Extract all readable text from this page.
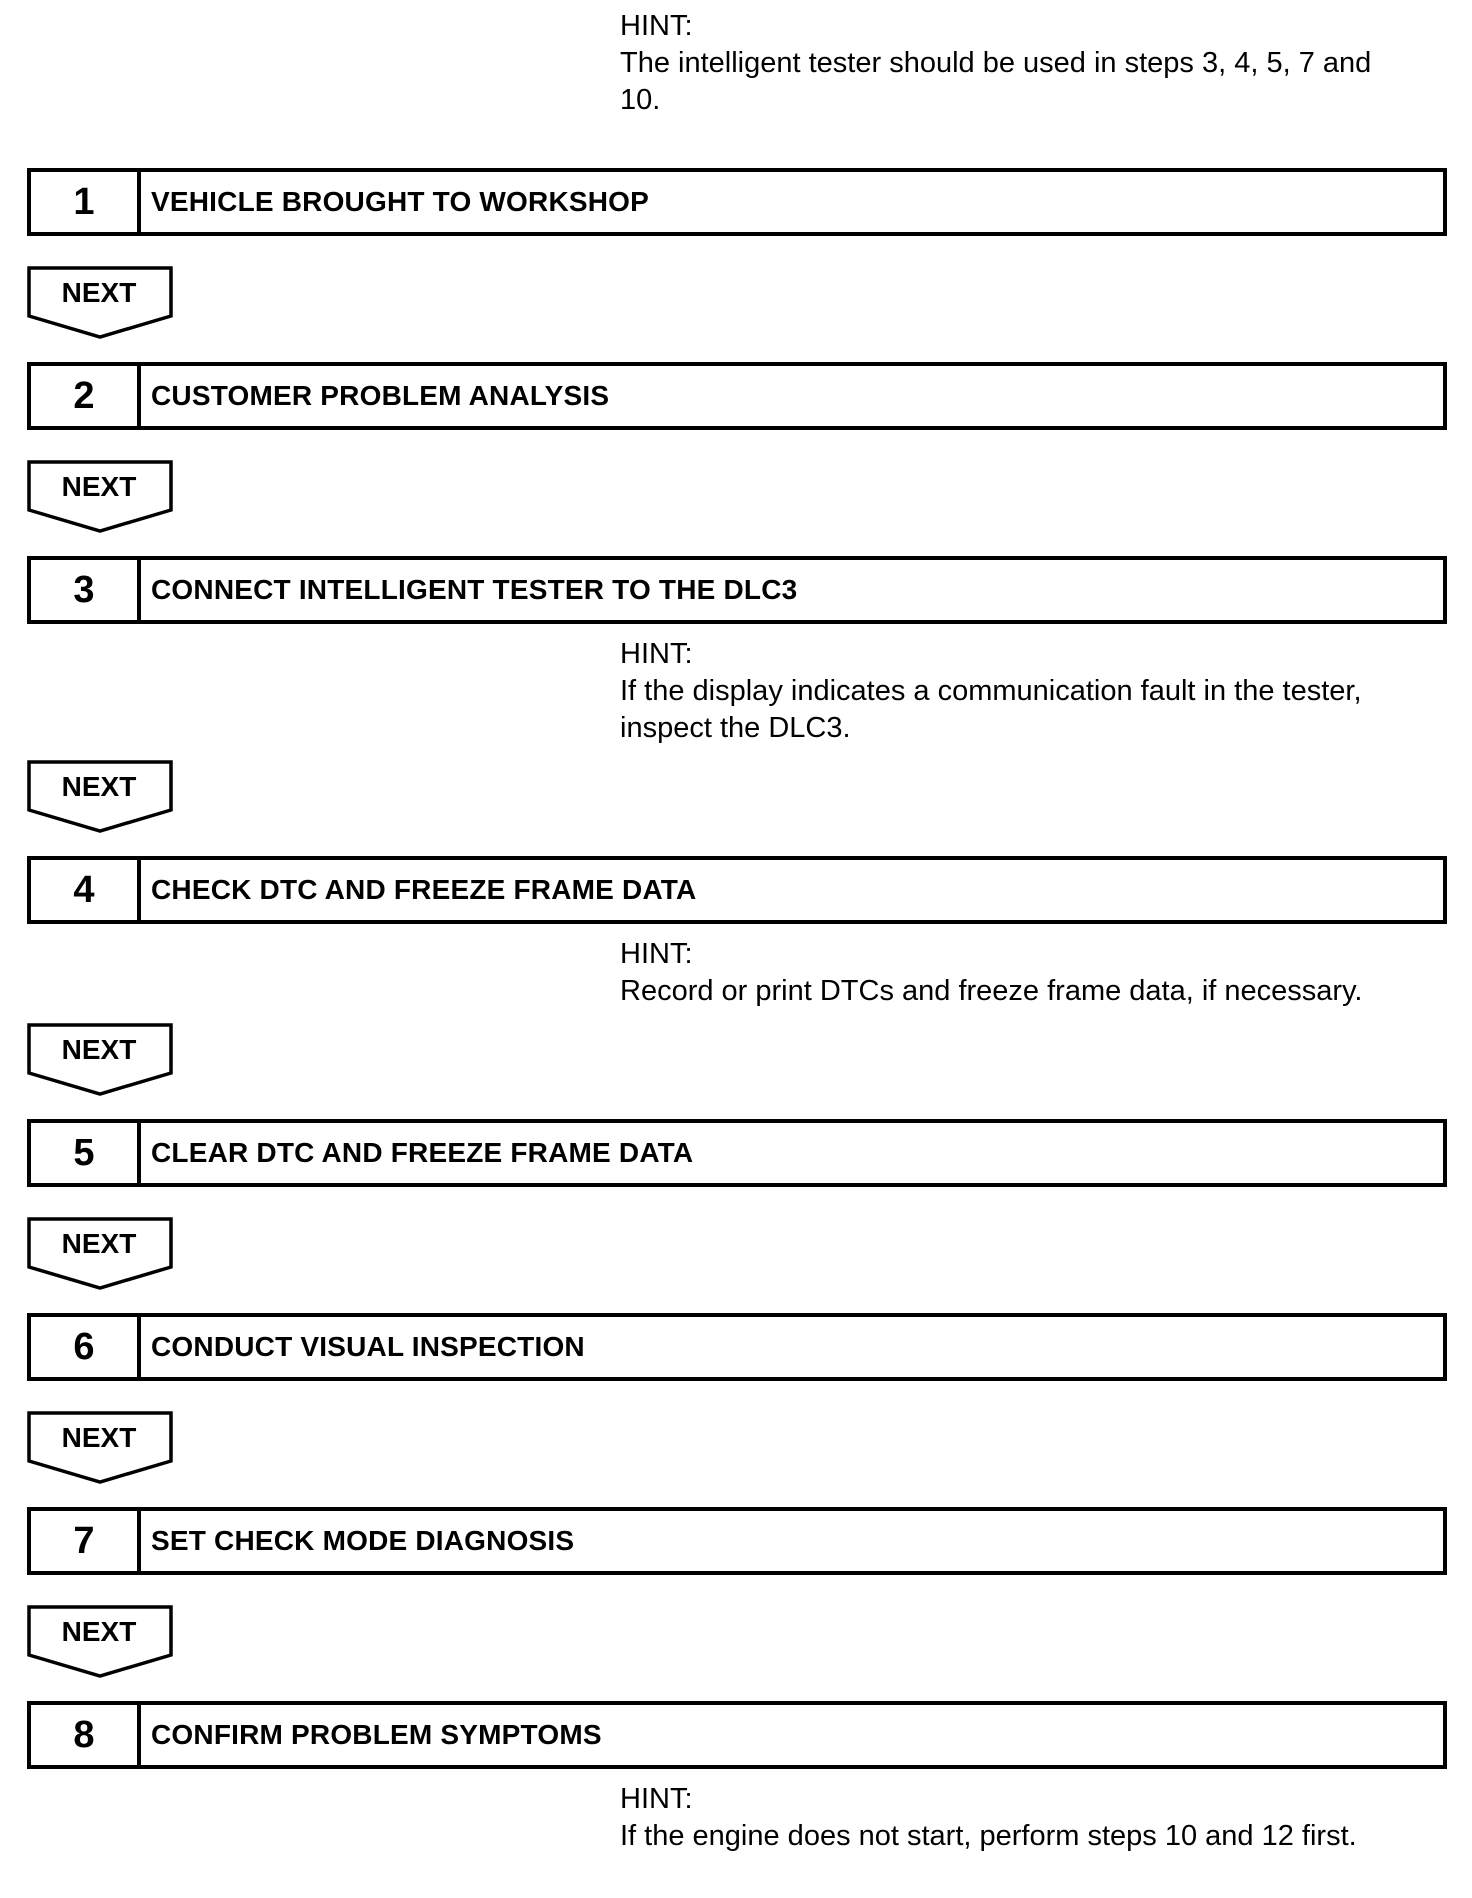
HINT:
The intelligent tester should be used in steps 3, 4, 5, 7 and
10.
1	VEHICLE BROUGHT TO WORKSHOP
NEXT
2	CUSTOMER PROBLEM ANALYSIS
NEXT
3	CONNECT INTELLIGENT TESTER TO THE DLC3
HINT:
If the display indicates a communication fault in the tester,
inspect the DLC3.
NEXT
4	CHECK DTC AND FREEZE FRAME DATA
HINT:
Record or print DTCs and freeze frame data, if necessary.
NEXT
5	CLEAR DTC AND FREEZE FRAME DATA
NEXT
6	CONDUCT VISUAL INSPECTION
NEXT
7	SET CHECK MODE DIAGNOSIS
NEXT
8	CONFIRM PROBLEM SYMPTOMS
HINT:
If the engine does not start, perform steps 10 and 12 first.
